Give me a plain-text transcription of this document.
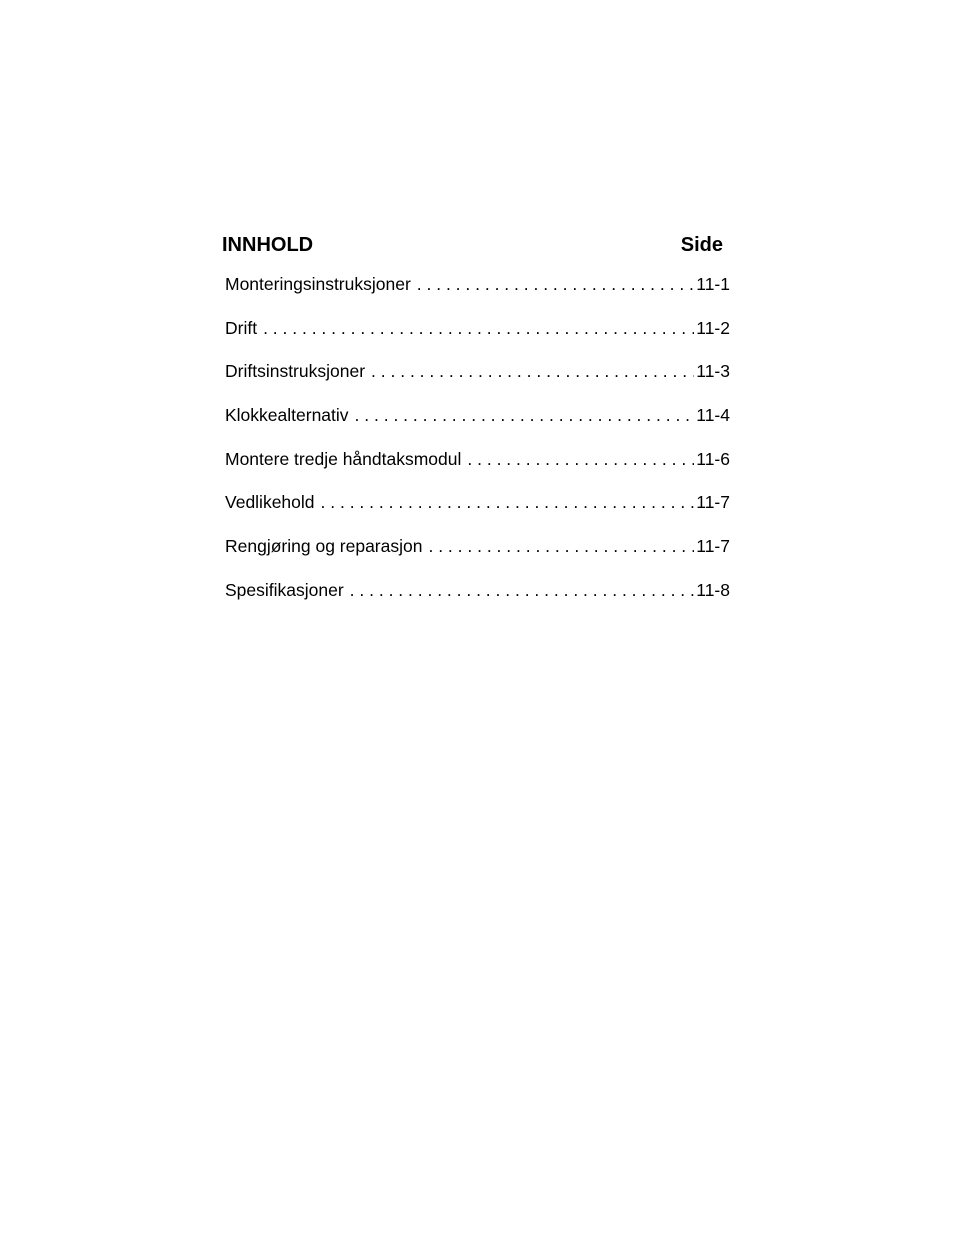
INNHOLD	Side
Monteringsinstruksjoner . . .	11-1
Drift . . .	11-2
Driftsinstruksjoner . . .	11-3
Klokkealternativ . . .	11-4
Montere tredje håndtaksmodul . . .	11-6
Vedlikehold . . .	11-7
Rengjøring og reparasjon . . .	11-7
Spesifikasjoner . . .	11-8
